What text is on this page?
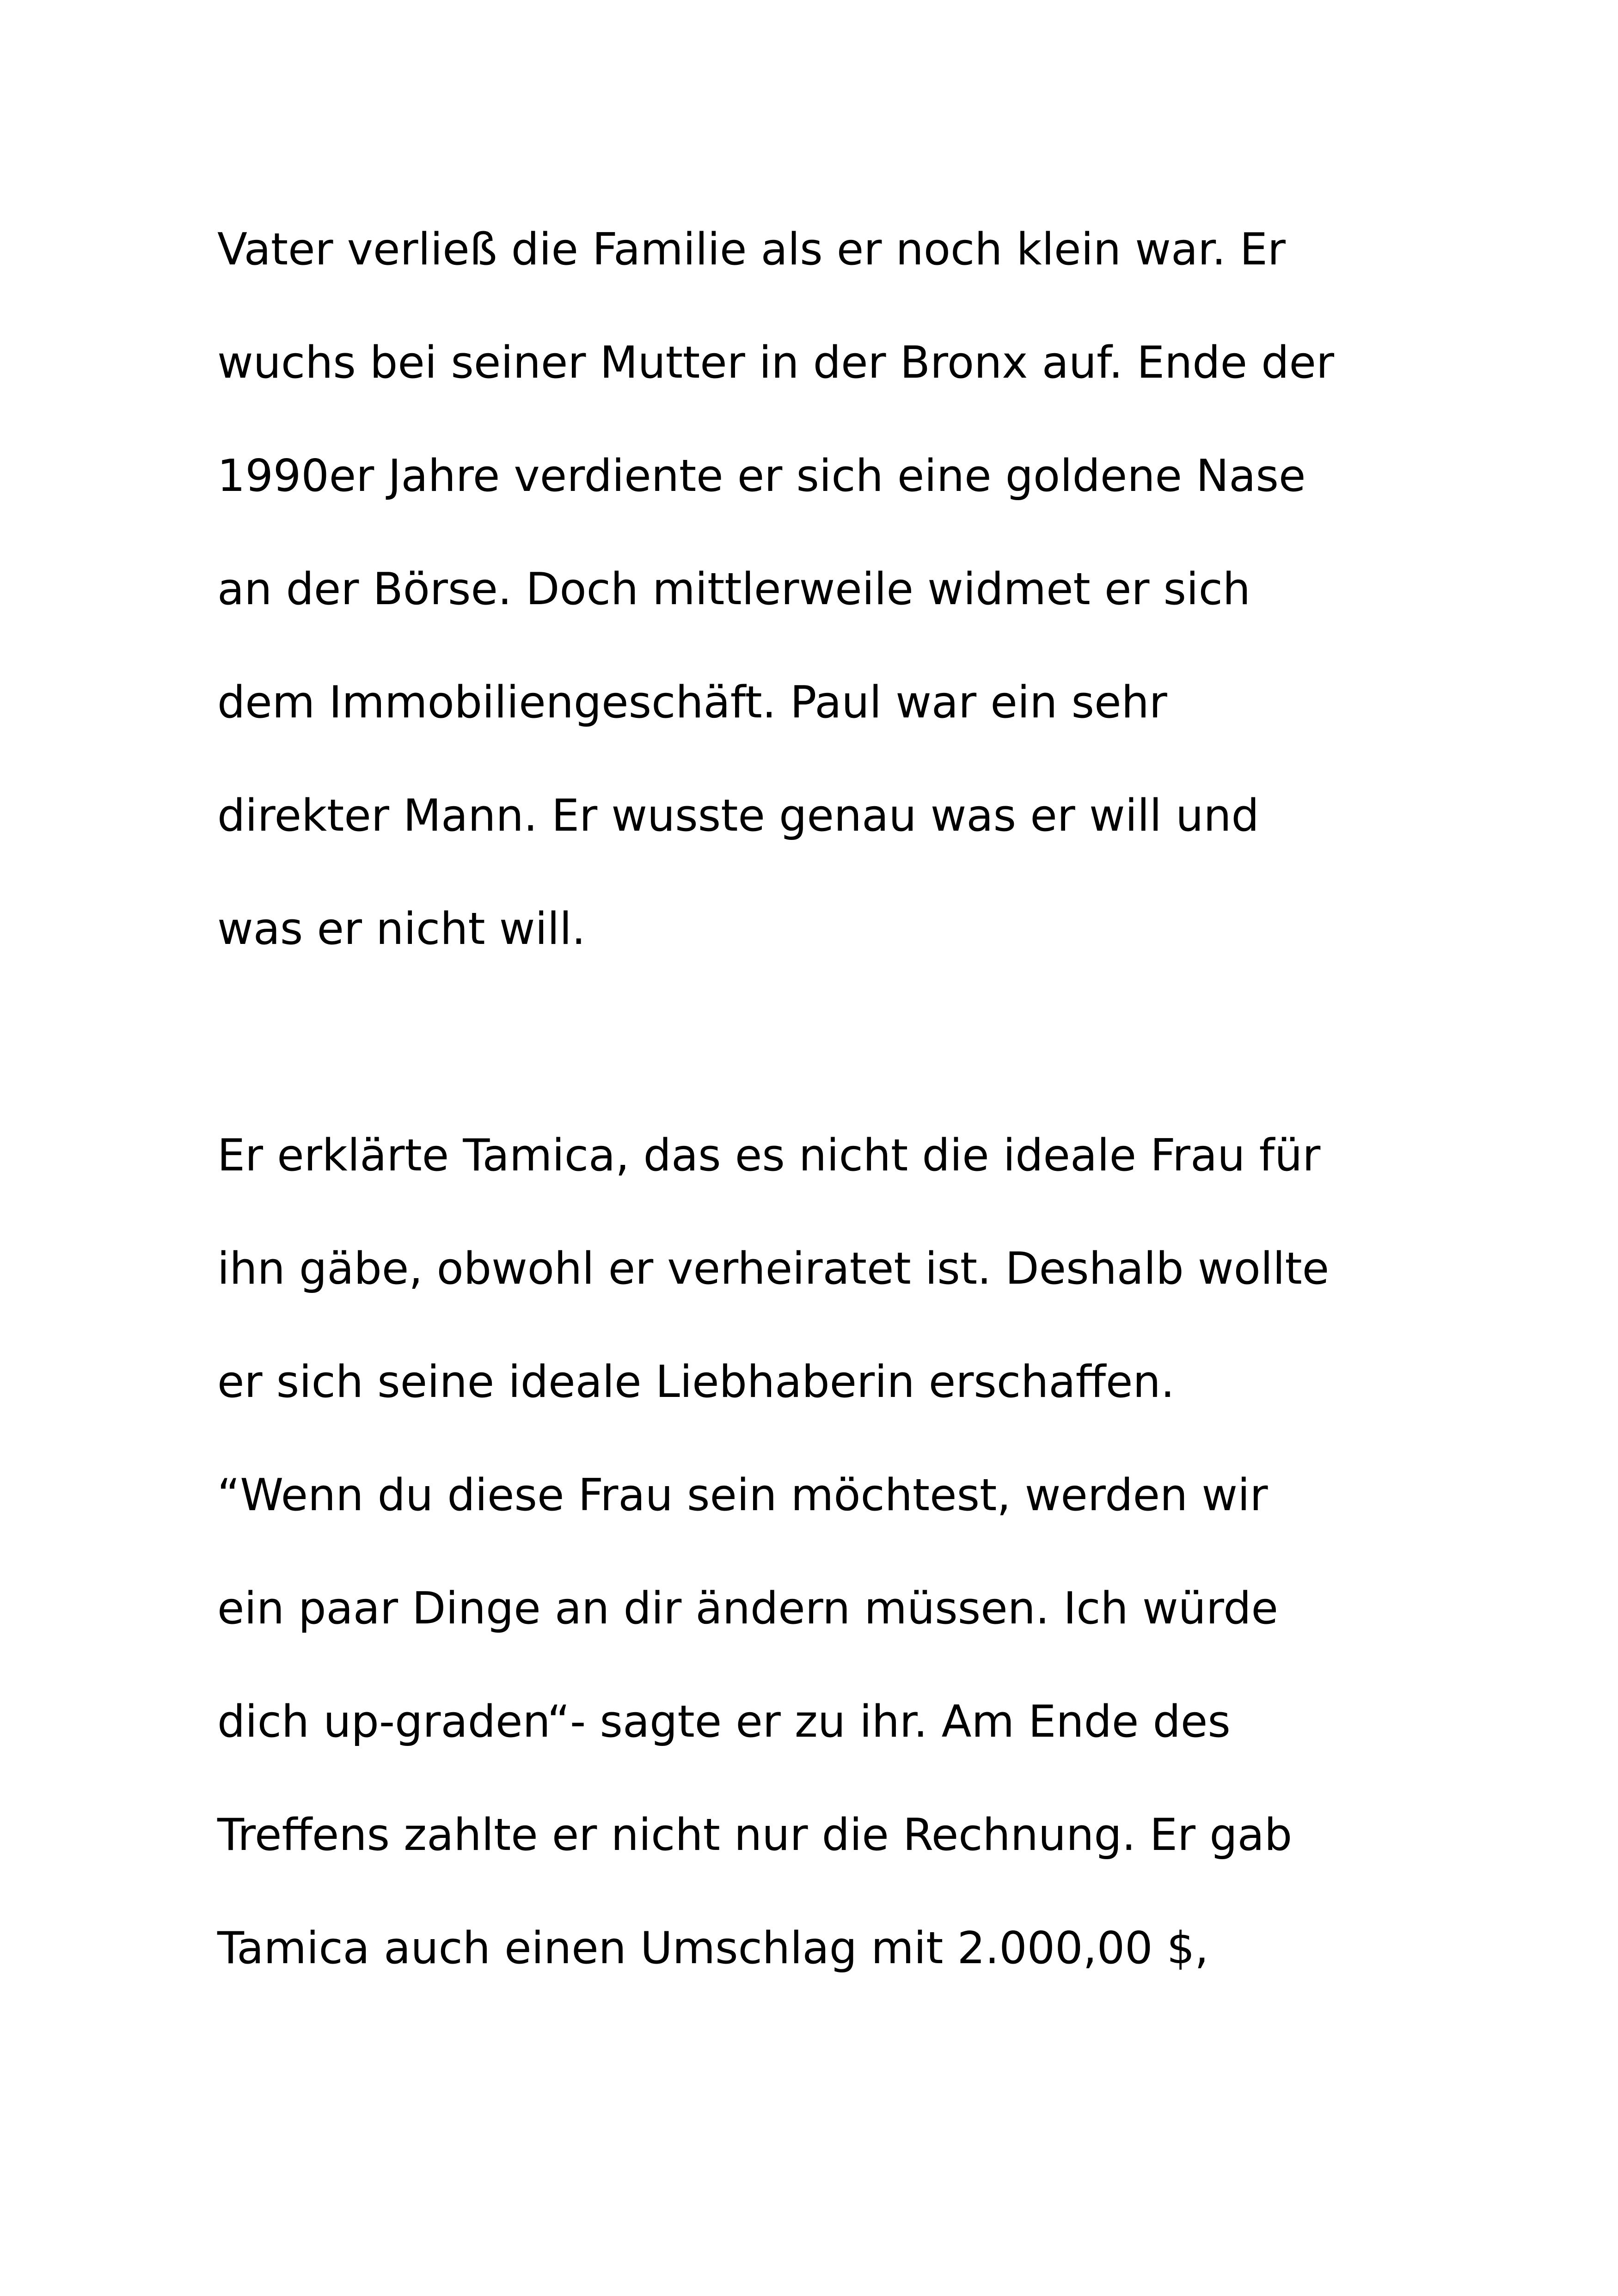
Vater verließ die Familie als er noch klein war. Er
wuchs bei seiner Mutter in der Bronx auf. Ende der
1990er Jahre verdiente er sich eine goldene Nase
an der Börse. Doch mittlerweile widmet er sich
dem Immobiliengeschäft. Paul war ein sehr
direkter Mann. Er wusste genau was er will und
was er nicht will.
Er erklärte Tamica, das es nicht die ideale Frau für
ihn gäbe, obwohl er verheiratet ist. Deshalb wollte
er sich seine ideale Liebhaberin erschaffen.
“Wenn du diese Frau sein möchtest, werden wir
ein paar Dinge an dir ändern müssen. Ich würde
dich up-graden“- sagte er zu ihr. Am Ende des
Treffens zahlte er nicht nur die Rechnung. Er gab
Tamica auch einen Umschlag mit 2.000,00 $,
